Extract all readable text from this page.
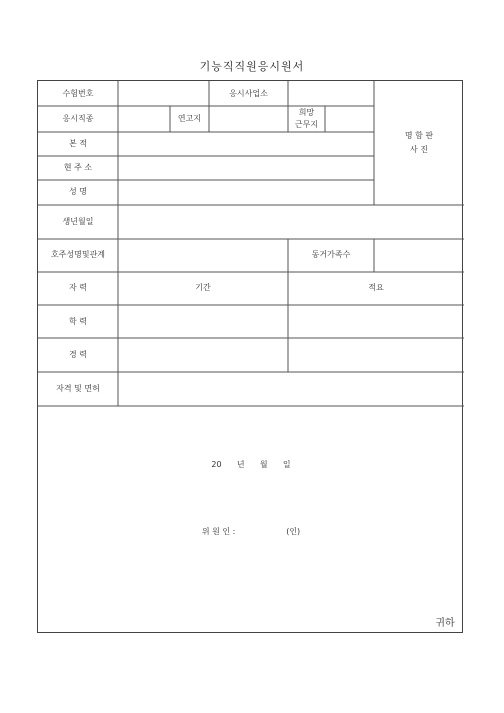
기능직직원응시원서
수험번호	응시사업소
응시직종	연고지
희망
근무지
명 함 판
사 진
본 적
현 주 소
성 명
생년월일
호주성명및관계	동거가족수
자 력	기간	적요
학 력
경 력
자격 및 면허
20      년      월      일
위 원 인 :                    (인)
귀하
